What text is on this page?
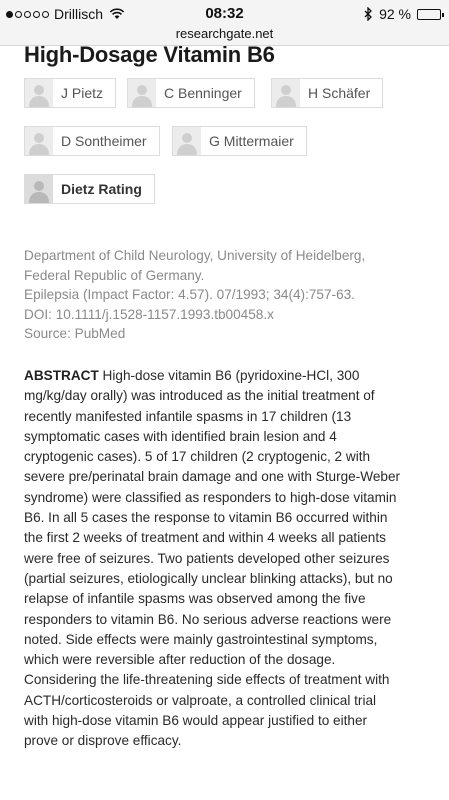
Drillisch	08:32	92 %
researchgate.net
High-Dosage Vitamin B6
J Pietz	C Benninger	H Schäfer
D Sontheimer	G Mittermaier
Dietz Rating
Department of Child Neurology, University of Heidelberg,
Federal Republic of Germany.
Epilepsia (Impact Factor: 4.57). 07/1993; 34(4):757-63.
DOI: 10.1111/j.1528-1157.1993.tb00458.x
Source: PubMed
ABSTRACT High-dose vitamin B6 (pyridoxine-HCl, 300
mg/kg/day orally) was introduced as the initial treatment of
recently manifested infantile spasms in 17 children (13
symptomatic cases with identified brain lesion and 4
cryptogenic cases). 5 of 17 children (2 cryptogenic, 2 with
severe pre/perinatal brain damage and one with Sturge-Weber
syndrome) were classified as responders to high-dose vitamin
B6. In all 5 cases the response to vitamin B6 occurred within
the first 2 weeks of treatment and within 4 weeks all patients
were free of seizures. Two patients developed other seizures
(partial seizures, etiologically unclear blinking attacks), but no
relapse of infantile spasms was observed among the five
responders to vitamin B6. No serious adverse reactions were
noted. Side effects were mainly gastrointestinal symptoms,
which were reversible after reduction of the dosage.
Considering the life-threatening side effects of treatment with
ACTH/corticosteroids or valproate, a controlled clinical trial
with high-dose vitamin B6 would appear justified to either
prove or disprove efficacy.
